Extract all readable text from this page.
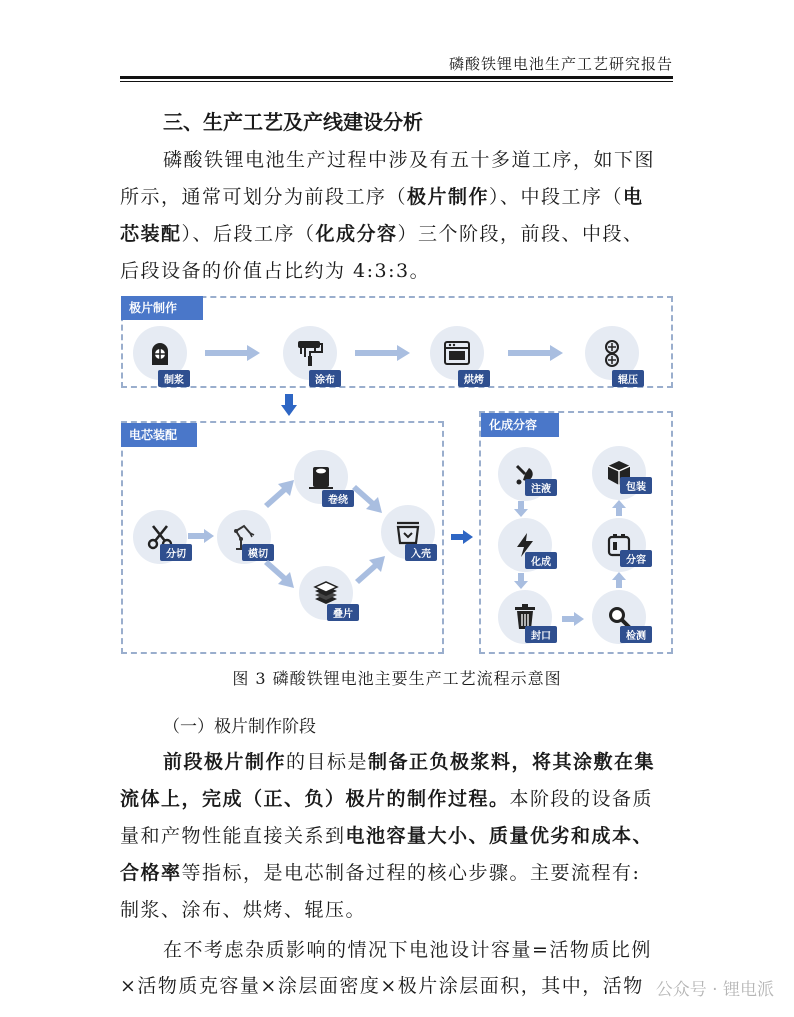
磷酸铁锂电池生产工艺研究报告
三、生产工艺及产线建设分析
磷酸铁锂电池生产过程中涉及有五十多道工序，如下图
所示，通常可划分为前段工序（极片制作）、中段工序（电
芯装配）、后段工序（化成分容）三个阶段，前段、中段、
后段设备的价值占比约为 4:3:3。
极片制作
制浆	涂布	烘烤	辊压
电芯装配
分切	模切
卷绕
叠片
入壳
化成分容
注液
化成
封口	检测
分容
包装
图 3 磷酸铁锂电池主要生产工艺流程示意图
（一）极片制作阶段
前段极片制作的目标是制备正负极浆料，将其涂敷在集
流体上，完成（正、负）极片的制作过程。本阶段的设备质
量和产物性能直接关系到电池容量大小、质量优劣和成本、
合格率等指标，是电芯制备过程的核心步骤。主要流程有:
制浆、涂布、烘烤、辊压。
在不考虑杂质影响的情况下电池设计容量=活物质比例
×活物质克容量×涂层面密度×极片涂层面积，其中，活物 公众号 · 锂电派
